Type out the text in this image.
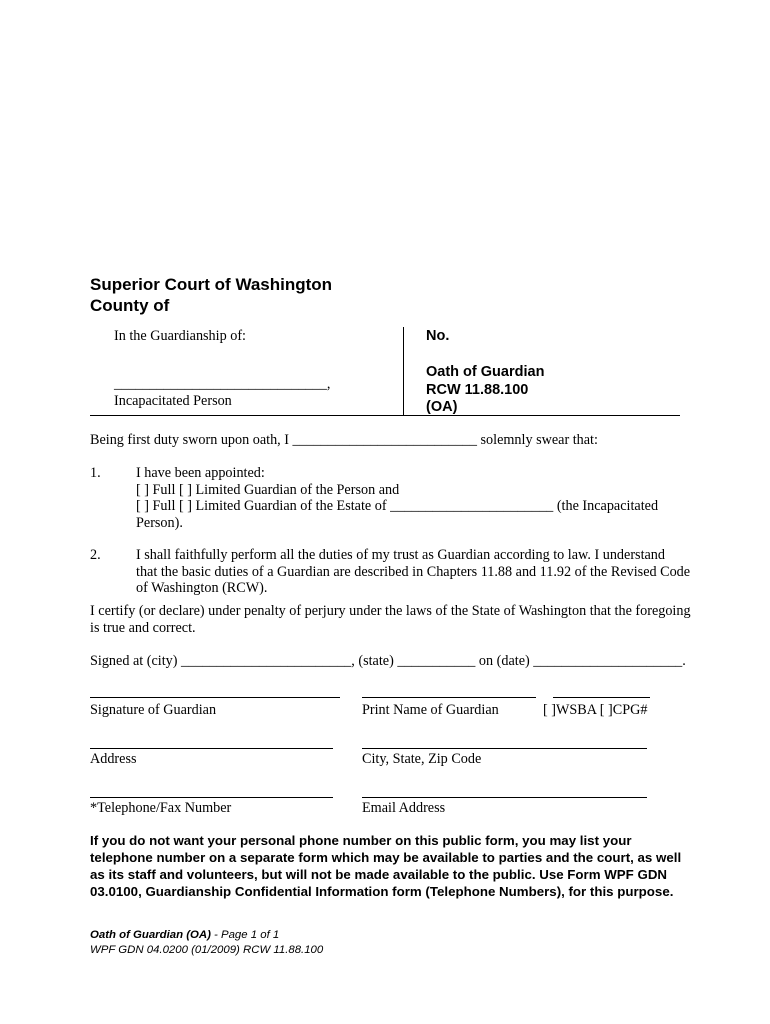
Superior Court of Washington
County of
In the Guardianship of:
______________________________,
Incapacitated Person
No.
Oath of Guardian
RCW 11.88.100
(OA)
Being first duty sworn upon oath, I __________________________ solemnly swear that:
1. I have been appointed:
[ ] Full [ ] Limited Guardian of the Person and
[ ] Full [ ] Limited Guardian of the Estate of _______________________ (the Incapacitated
Person).
2. I shall faithfully perform all the duties of my trust as Guardian according to law. I understand
that the basic duties of a Guardian are described in Chapters 11.88 and 11.92 of the Revised Code
of Washington (RCW).
I certify (or declare) under penalty of perjury under the laws of the State of Washington that the foregoing
is true and correct.
Signed at (city) ________________________, (state) ___________ on (date) _____________________.
Signature of Guardian	Print Name of Guardian	[ ]WSBA [ ]CPG#
Address	City, State, Zip Code
*Telephone/Fax Number	Email Address
If you do not want your personal phone number on this public form, you may list your telephone number on a separate form which may be available to parties and the court, as well as its staff and volunteers, but will not be made available to the public. Use Form WPF GDN 03.0100, Guardianship Confidential Information form (Telephone Numbers), for this purpose.
Oath of Guardian (OA) - Page 1 of 1
WPF GDN 04.0200 (01/2009) RCW 11.88.100
